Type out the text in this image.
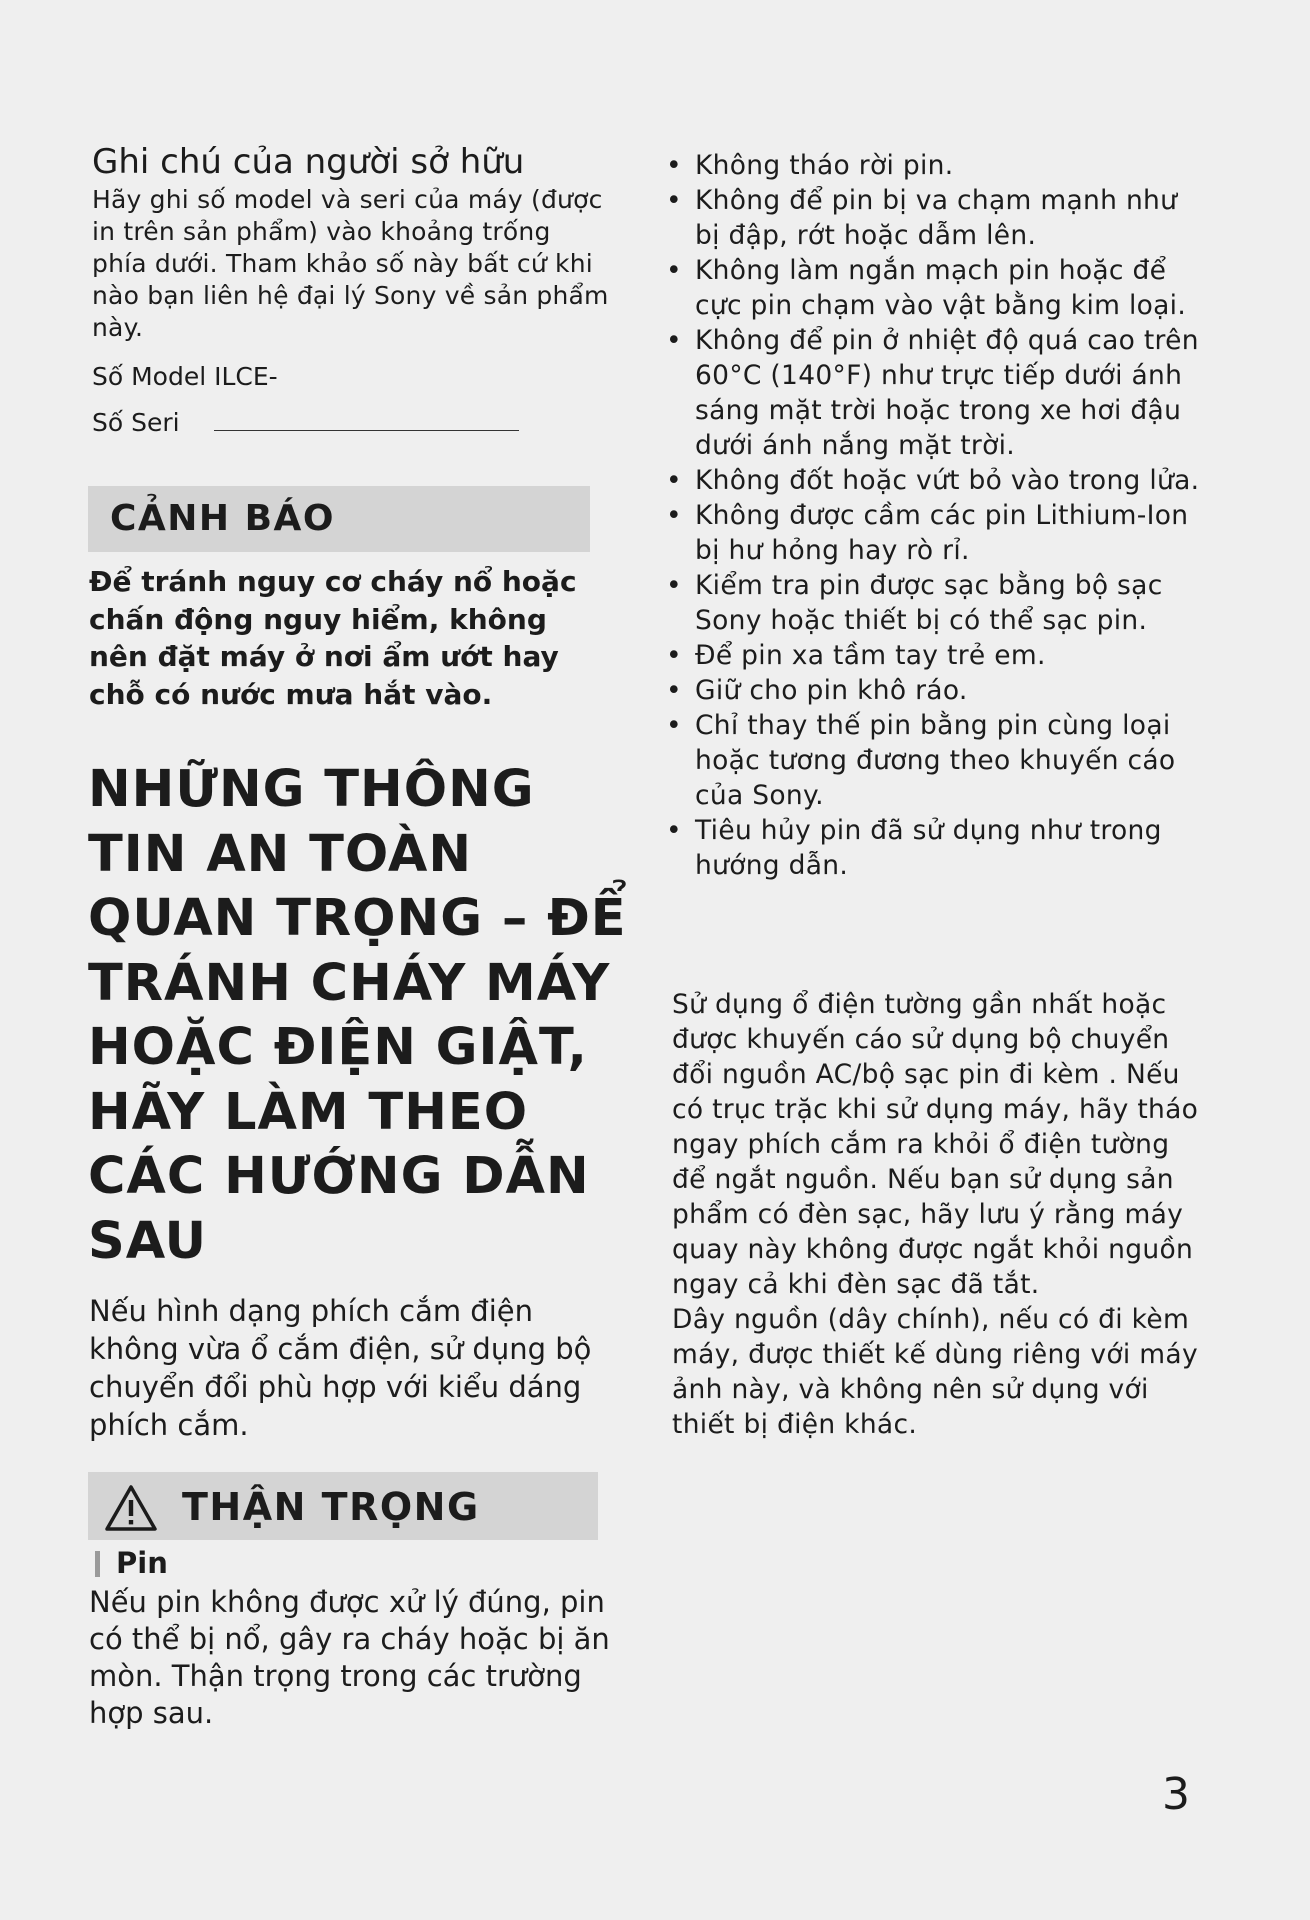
Ghi chú của người sở hữu

Hãy ghi số model và seri của máy (được in trên sản phẩm) vào khoảng trống phía dưới. Tham khảo số này bất cứ khi nào bạn liên hệ đại lý Sony về sản phẩm này.

Số Model ILCE-
Số Seri
CẢNH BÁO

Để tránh nguy cơ cháy nổ hoặc chấn động nguy hiểm, không nên đặt máy ở nơi ẩm ướt hay chỗ có nước mưa hắt vào.

NHỮNG THÔNG TIN AN TOÀN QUAN TRỌNG – ĐỂ TRÁNH CHÁY MÁY HOẶC ĐIỆN GIẬT, HÃY LÀM THEO CÁC HƯỚNG DẪN SAU

Nếu hình dạng phích cắm điện không vừa ổ cắm điện, sử dụng bộ chuyển đổi phù hợp với kiểu dáng phích cắm.

THẬN TRỌNG
Pin

Nếu pin không được xử lý đúng, pin có thể bị nổ, gây ra cháy hoặc bị ăn mòn. Thận trọng trong các trường hợp sau.

• Không tháo rời pin.
• Không để pin bị va chạm mạnh như bị đập, rớt hoặc dẫm lên.
• Không làm ngắn mạch pin hoặc để cực pin chạm vào vật bằng kim loại.
• Không để pin ở nhiệt độ quá cao trên 60°C (140°F) như trực tiếp dưới ánh sáng mặt trời hoặc trong xe hơi đậu dưới ánh nắng mặt trời.
• Không đốt hoặc vứt bỏ vào trong lửa.
• Không được cầm các pin Lithium-Ion bị hư hỏng hay rò rỉ.
• Kiểm tra pin được sạc bằng bộ sạc Sony hoặc thiết bị có thể sạc pin.
• Để pin xa tầm tay trẻ em.
• Giữ cho pin khô ráo.
• Chỉ thay thế pin bằng pin cùng loại hoặc tương đương theo khuyến cáo của Sony.
• Tiêu hủy pin đã sử dụng như trong hướng dẫn.

Sử dụng ổ điện tường gần nhất hoặc được khuyến cáo sử dụng bộ chuyển đổi nguồn AC/bộ sạc pin đi kèm . Nếu có trục trặc khi sử dụng máy, hãy tháo ngay phích cắm ra khỏi ổ điện tường để ngắt nguồn. Nếu bạn sử dụng sản phẩm có đèn sạc, hãy lưu ý rằng máy quay này không được ngắt khỏi nguồn ngay cả khi đèn sạc đã tắt.
Dây nguồn (dây chính), nếu có đi kèm máy, được thiết kế dùng riêng với máy ảnh này, và không nên sử dụng với thiết bị điện khác.

3
